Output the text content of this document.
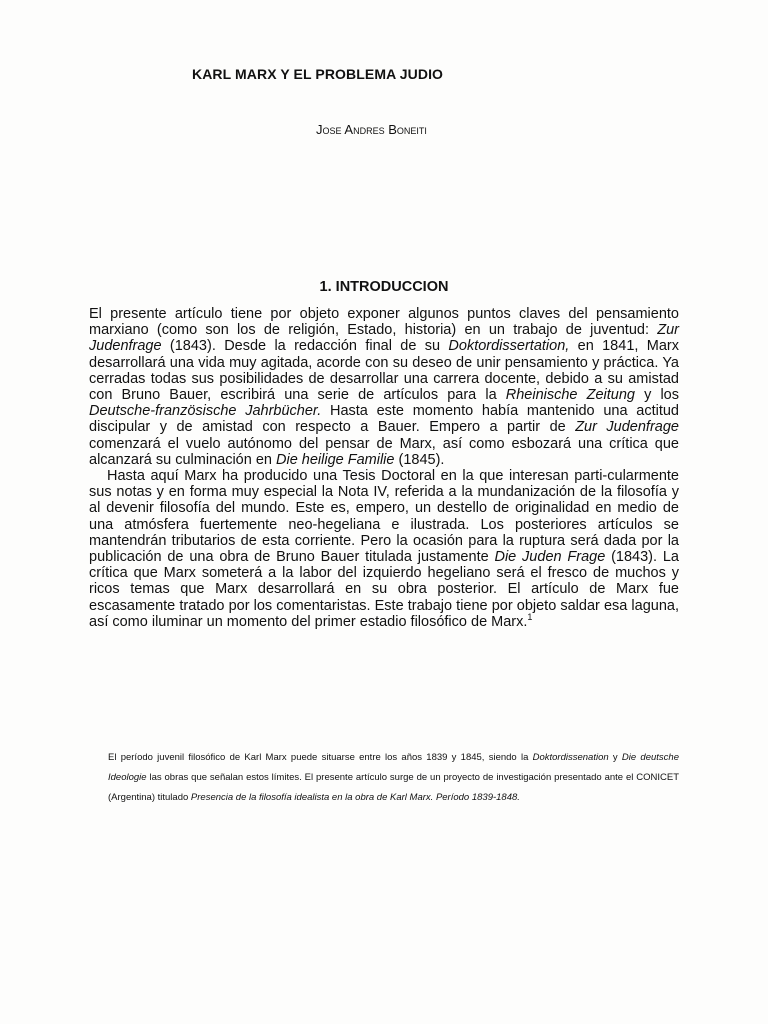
KARL MARX Y EL PROBLEMA JUDIO

Jose Andres Boneiti

1. INTRODUCCION

El presente artículo tiene por objeto exponer algunos puntos claves del pensamiento marxiano (como son los de religión, Estado, historia) en un trabajo de juventud: Zur Judenfrage (1843). Desde la redacción final de su Doktordissertation, en 1841, Marx desarrollará una vida muy agitada, acorde con su deseo de unir pensamiento y práctica. Ya cerradas todas sus posibilidades de desarrollar una carrera docente, debido a su amistad con Bruno Bauer, escribirá una serie de artículos para la Rheinische Zeitung y los Deutsche-französische Jahrbücher. Hasta este momento había mantenido una actitud discipular y de amistad con respecto a Bauer. Empero a partir de Zur Judenfrage comenzará el vuelo autónomo del pensar de Marx, así como esbozará una crítica que alcanzará su culminación en Die heilige Familie (1845).

Hasta aquí Marx ha producido una Tesis Doctoral en la que interesan parti-cularmente sus notas y en forma muy especial la Nota IV, referida a la mundanización de la filosofía y al devenir filosofía del mundo. Este es, empero, un destello de originalidad en medio de una atmósfera fuertemente neo-hegeliana e ilustrada. Los posteriores artículos se mantendrán tributarios de esta corriente. Pero la ocasión para la ruptura será dada por la publicación de una obra de Bruno Bauer titulada justamente Die Juden Frage (1843). La crítica que Marx someterá a la labor del izquierdo hegeliano será el fresco de muchos y ricos temas que Marx desarrollará en su obra posterior. El artículo de Marx fue escasamente tratado por los comentaristas. Este trabajo tiene por objeto saldar esa laguna, así como iluminar un momento del primer estadio filosófico de Marx.$^1$

El período juvenil filosófico de Karl Marx puede situarse entre los años 1839 y 1845, siendo la Doktordissenation y Die deutsche Ideologie las obras que señalan estos límites. El presente artículo surge de un proyecto de investigación presentado ante el CONICET (Argentina) titulado Presencia de la filosofía idealista en la obra de Karl Marx. Período 1839-1848.
